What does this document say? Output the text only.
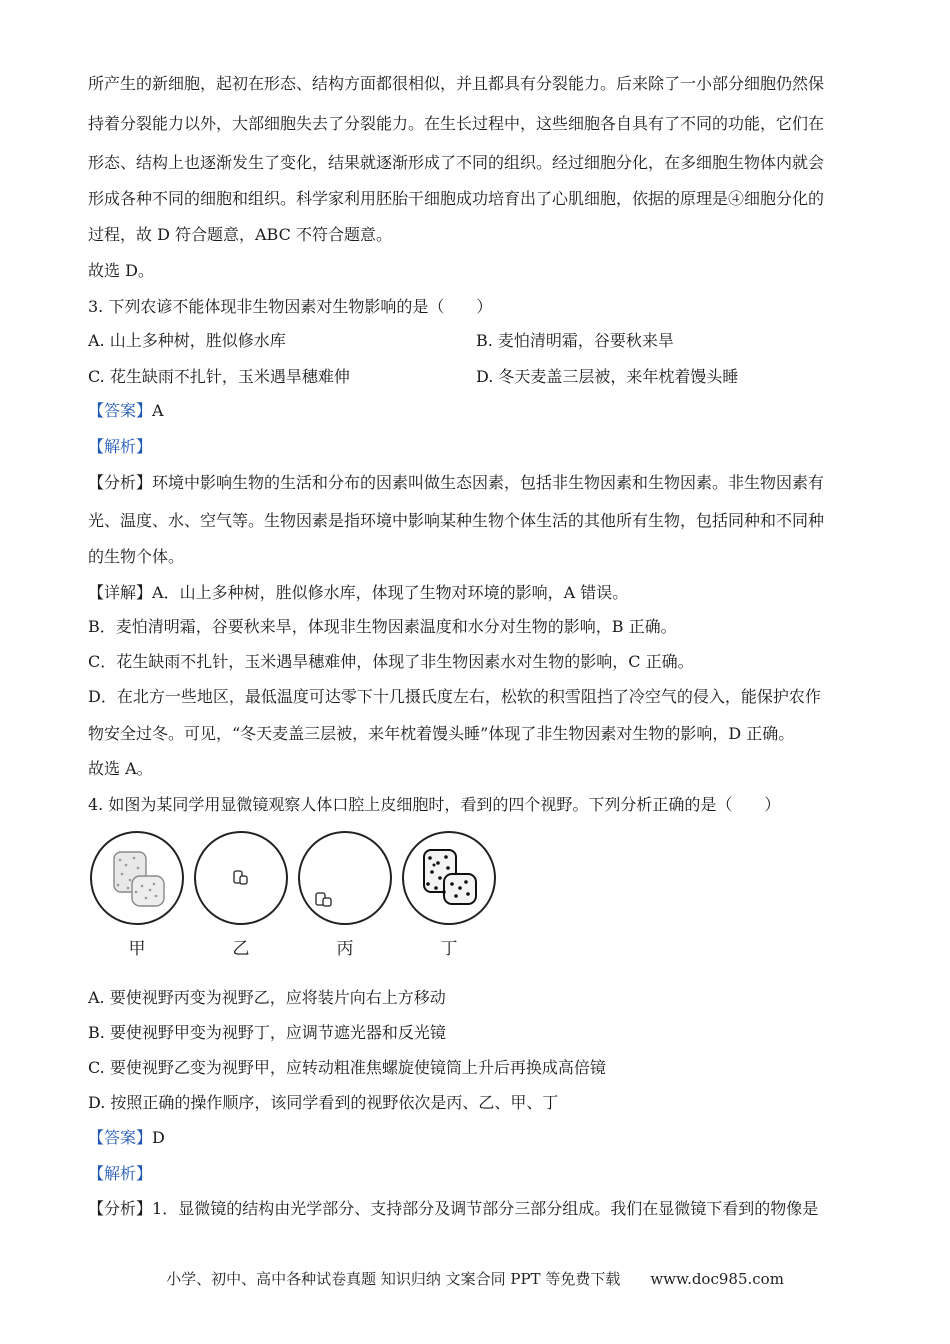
所产生的新细胞，起初在形态、结构方面都很相似，并且都具有分裂能力。后来除了一小部分细胞仍然保
持着分裂能力以外，大部细胞失去了分裂能力。在生长过程中，这些细胞各自具有了不同的功能，它们在
形态、结构上也逐渐发生了变化，结果就逐渐形成了不同的组织。经过细胞分化，在多细胞生物体内就会
形成各种不同的细胞和组织。科学家利用胚胎干细胞成功培育出了心肌细胞，依据的原理是④细胞分化的
过程，故 D 符合题意，ABC 不符合题意。
故选 D。
3. 下列农谚不能体现非生物因素对生物影响的是（　　）
A. 山上多种树，胜似修水库	B. 麦怕清明霜，谷要秋来旱
C. 花生缺雨不扎针，玉米遇旱穗难伸	D. 冬天麦盖三层被，来年枕着馒头睡
【答案】A
【解析】
【分析】环境中影响生物的生活和分布的因素叫做生态因素，包括非生物因素和生物因素。非生物因素有
光、温度、水、空气等。生物因素是指环境中影响某种生物个体生活的其他所有生物，包括同种和不同种
的生物个体。
【详解】A．山上多种树，胜似修水库，体现了生物对环境的影响，A 错误。
B．麦怕清明霜，谷要秋来旱，体现非生物因素温度和水分对生物的影响，B 正确。
C．花生缺雨不扎针，玉米遇旱穗难伸，体现了非生物因素水对生物的影响，C 正确。
D．在北方一些地区，最低温度可达零下十几摄氏度左右，松软的积雪阻挡了冷空气的侵入，能保护农作
物安全过冬。可见，“冬天麦盖三层被，来年枕着馒头睡”体现了非生物因素对生物的影响，D 正确。
故选 A。
4. 如图为某同学用显微镜观察人体口腔上皮细胞时，看到的四个视野。下列分析正确的是（　　）
甲	乙	丙	丁
A. 要使视野丙变为视野乙，应将装片向右上方移动
B. 要使视野甲变为视野丁，应调节遮光器和反光镜
C. 要使视野乙变为视野甲，应转动粗准焦螺旋使镜筒上升后再换成高倍镜
D. 按照正确的操作顺序，该同学看到的视野依次是丙、乙、甲、丁
【答案】D
【解析】
【分析】1．显微镜的结构由光学部分、支持部分及调节部分三部分组成。我们在显微镜下看到的物像是
小学、初中、高中各种试卷真题 知识归纳 文案合同 PPT 等免费下载　　www.doc985.com
